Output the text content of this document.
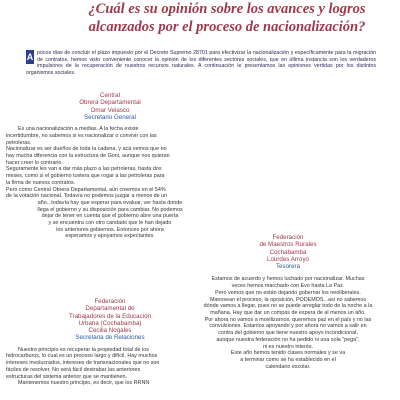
¿Cuál es su opinión sobre los avances y logros
alcanzados por el proceso de nacionalización?
A pocos días de concluir el plazo impuesto por el Decreto Supremo 28701 para efectivizar la nacionalización y específicamente para la migración de contratos, hemos visto conveniente conocer la opinión de los diferentes sectores sociales, que en última instancia son los verdaderos impulsores de la recuperación de nuestros recursos naturales. A continuación le presentamos las opiniones vertidas por los distintos organismos sociales.
Central
Obrera Departamental
Omar Velasco
Secretario General
Es una nacionalización a medias. A la fecha existe
incertidumbre, no sabemos si es nacionalizar o convivir con las
petroleras.
Nacionalizar es ser dueños de toda la cadena, y acá vemos que no
hay mucha diferencia con la estructura de Goni, aunque nos quieran
hacer creer lo contrario.
Seguramente les van a dar más plazo a las petroleras, hasta dos
meses, como si el gobierno tuviera que rogar a las petroleras para
la firma de nuevos contratos.
Pero como Central Obrera Departamental, aún creemos en el 54%
de la votación nacional. Todavía no podemos juzgar a menos de un
año...todavía hay que esperar para evaluar, ver hasta donde
llega el gobierno y su disposición para cambiar. No podemos
dejar de tener en cuenta que el gobierno abre una puerta
y se encuentra con otro candado que le han dejado
los anteriores gobiernos. Entonces por ahora
esperamos y apoyamos expectantes.	Federación
de Maestros Rurales
Cochabamba
Lourdes Arroyo
Tesorera
Estamos de acuerdo y hemos luchado por nacionalizar. Muchas
veces hemos marchado con Evo hasta La Paz.
Pero vemos que no están dejando gobernar los neoliberales.
Manosean el proceso, la oposición, PODEMOS...así no sabemos
dónde vamos a llegar, pues no se puede arreglar todo de la noche a la
mañana. Hay que dar un compás de espera de al menos un año.
Por ahora no vamos a movilizarnos, queremos paz en el país y no las
convulsiones. Estamos apoyando y por ahora no vamos a salir en
contra del gobierno que tiene nuestro apoyo incondicional,
aunque nuestra federación no ha pedido ni una sola "pega",
ni es nuestro interés.
Este año hemos tenido clases normales y se va
a terminar como se ha establecido en el
calendario escolar.
Federación
Departamental de
Trabajadores de la Educación
Urbana (Cochabamba)
Cecilia Nogales
Secretaria de Relaciones
Nuestro principio es recuperar la propiedad total de los
hidrocarburos, lo cual es un proceso largo y difícil. Hay muchos
intereses involucrados, intereses de transnacionales que no son
fáciles de resolver. No será fácil destrabar las anteriores
estructuras del sistema anterior que se mantienen.
Mantenemos nuestro principio, es decir, que los RRNN
